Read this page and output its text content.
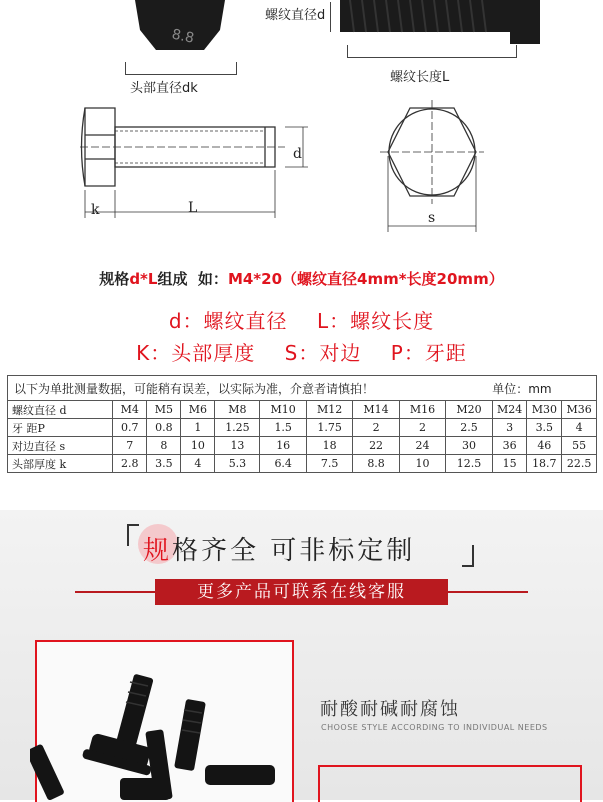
8.8
头部直径dk
螺纹直径d
螺纹长度L
d
k	L
s
规格d*L组成 如：M4*20（螺纹直径4mm*长度20mm）
d：螺纹直径    L：螺纹长度
K：头部厚度    S：对边    P：牙距
以下为单批测量数据，可能稍有误差，以实际为准，介意者请慎拍！										单位：mm		
螺纹直径 d	M4	M5	M6	M8	M10	M12	M14	M16	M20	M24	M30	M36
牙 距P	0.7	0.8	1	1.25	1.5	1.75	2	2	2.5	3	3.5	4
对边直径 s	7	8	10	13	16	18	22	24	30	36	46	55
头部厚度 k	2.8	3.5	4	5.3	6.4	7.5	8.8	10	12.5	15	18.7	22.5
规格齐全 可非标定制
更多产品可联系在线客服
耐酸耐碱耐腐蚀
CHOOSE STYLE ACCORDING TO INDIVIDUAL NEEDS
